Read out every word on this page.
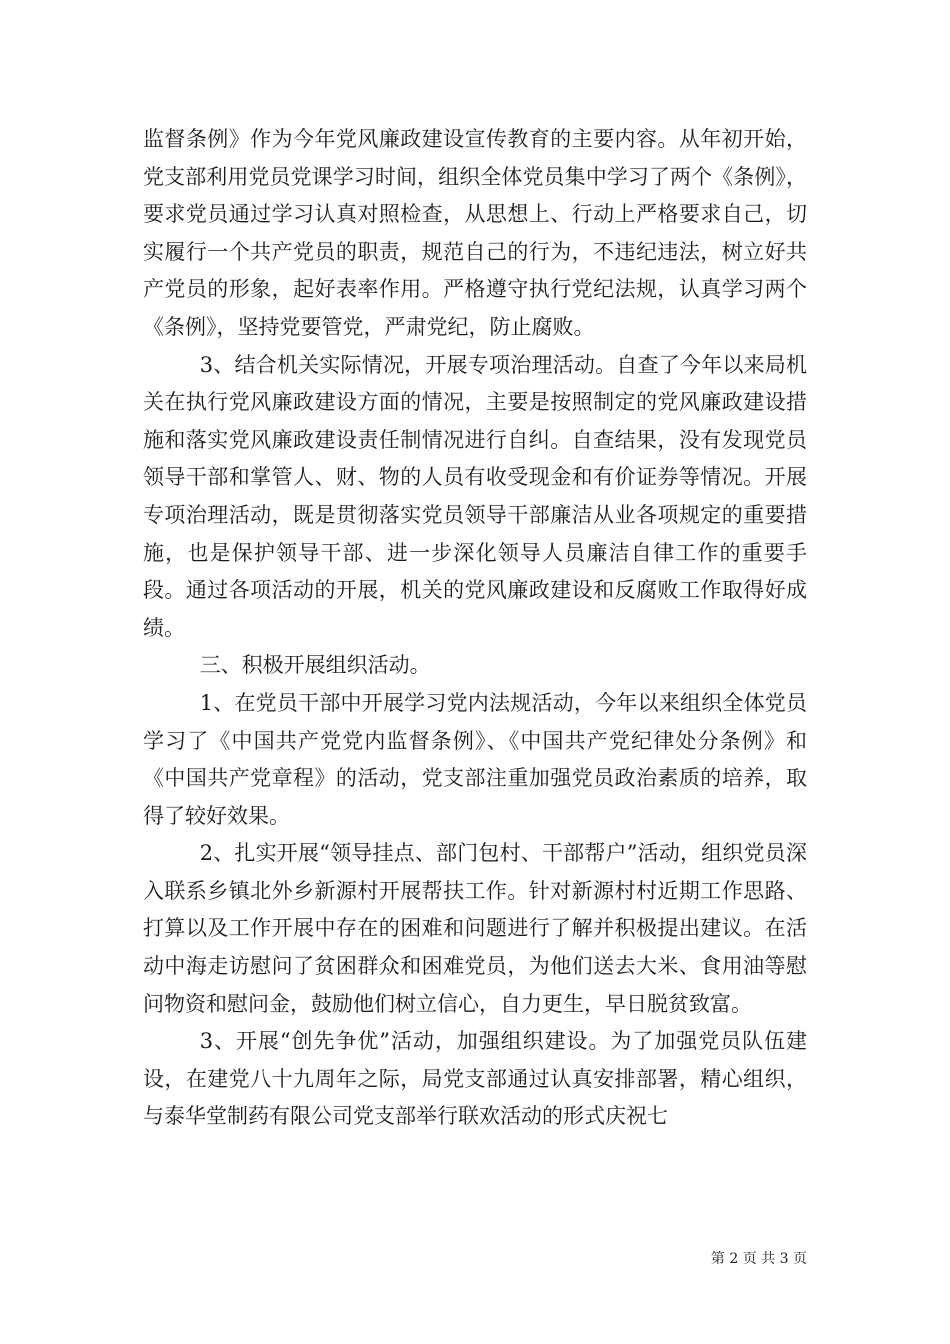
监督条例》作为今年党风廉政建设宣传教育的主要内容。从年初开始，党支部利用党员党课学习时间，组织全体党员集中学习了两个《条例》，要求党员通过学习认真对照检查，从思想上、行动上严格要求自己，切实履行一个共产党员的职责，规范自己的行为，不违纪违法，树立好共产党员的形象，起好表率作用。严格遵守执行党纪法规，认真学习两个《条例》，坚持党要管党，严肃党纪，防止腐败。

3、结合机关实际情况，开展专项治理活动。自查了今年以来局机关在执行党风廉政建设方面的情况，主要是按照制定的党风廉政建设措施和落实党风廉政建设责任制情况进行自纠。自查结果，没有发现党员领导干部和掌管人、财、物的人员有收受现金和有价证券等情况。开展专项治理活动，既是贯彻落实党员领导干部廉洁从业各项规定的重要措施，也是保护领导干部、进一步深化领导人员廉洁自律工作的重要手段。通过各项活动的开展，机关的党风廉政建设和反腐败工作取得好成绩。

三、积极开展组织活动。

1、在党员干部中开展学习党内法规活动，今年以来组织全体党员学习了《中国共产党党内监督条例》、《中国共产党纪律处分条例》和《中国共产党章程》的活动，党支部注重加强党员政治素质的培养，取得了较好效果。

2、扎实开展“领导挂点、部门包村、干部帮户”活动，组织党员深入联系乡镇北外乡新源村开展帮扶工作。针对新源村村近期工作思路、打算以及工作开展中存在的困难和问题进行了解并积极提出建议。在活动中海走访慰问了贫困群众和困难党员，为他们送去大米、食用油等慰问物资和慰问金，鼓励他们树立信心，自力更生，早日脱贫致富。

3、开展“创先争优”活动，加强组织建设。为了加强党员队伍建设，在建党八十九周年之际，局党支部通过认真安排部署，精心组织，与泰华堂制药有限公司党支部举行联欢活动的形式庆祝七

第 2 页 共 3 页
